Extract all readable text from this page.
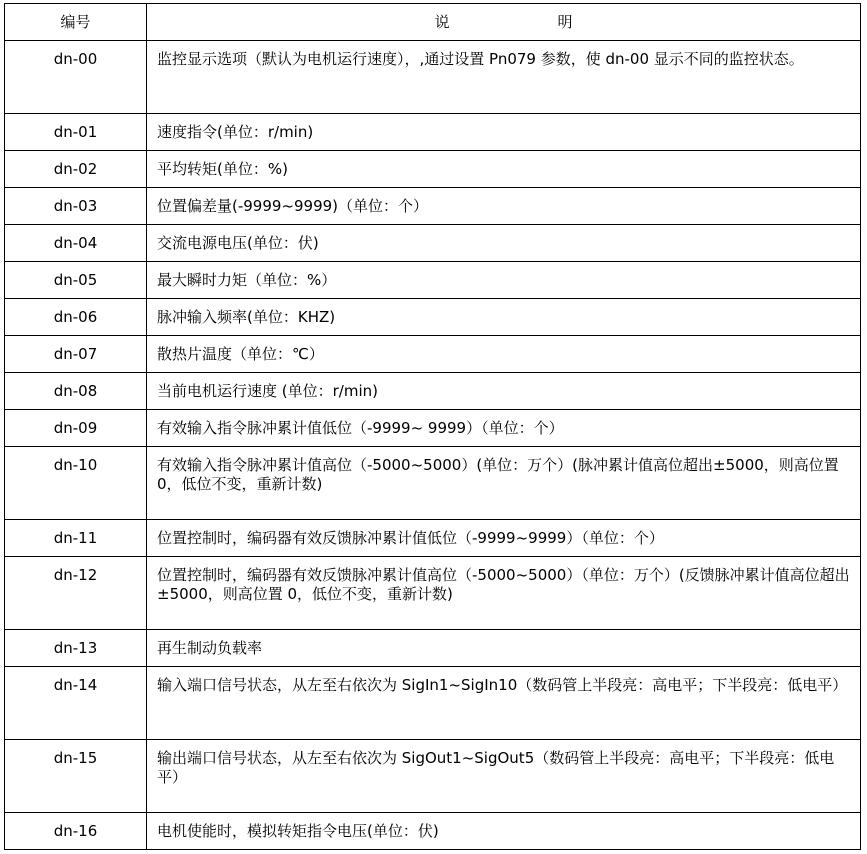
编号	说 明
dn-00	监控显示选项（默认为电机运行速度），,通过设置 Pn079 参数，使 dn-00 显示不同的监控状态。
dn-01	速度指令(单位：r/min)
dn-02	平均转矩(单位：%)
dn-03	位置偏差量(-9999~9999)（单位：个）
dn-04	交流电源电压(单位：伏)
dn-05	最大瞬时力矩（单位：%）
dn-06	脉冲输入频率(单位：KHZ)
dn-07	散热片温度（单位：℃）
dn-08	当前电机运行速度 (单位：r/min)
dn-09	有效输入指令脉冲累计值低位（-9999~ 9999）（单位：个）
dn-10	有效输入指令脉冲累计值高位（-5000~5000）(单位：万个）(脉冲累计值高位超出±5000，则高位置 0，低位不变，重新计数)
dn-11	位置控制时，编码器有效反馈脉冲累计值低位（-9999~9999）（单位：个）
dn-12	位置控制时，编码器有效反馈脉冲累计值高位（-5000~5000）（单位：万个）(反馈脉冲累计值高位超出±5000，则高位置 0，低位不变，重新计数)
dn-13	再生制动负载率
dn-14	输入端口信号状态，从左至右依次为 SigIn1~SigIn10（数码管上半段亮：高电平；下半段亮：低电平）
dn-15	输出端口信号状态，从左至右依次为 SigOut1~SigOut5（数码管上半段亮：高电平；下半段亮：低电平）
dn-16	电机使能时，模拟转矩指令电压(单位：伏)
